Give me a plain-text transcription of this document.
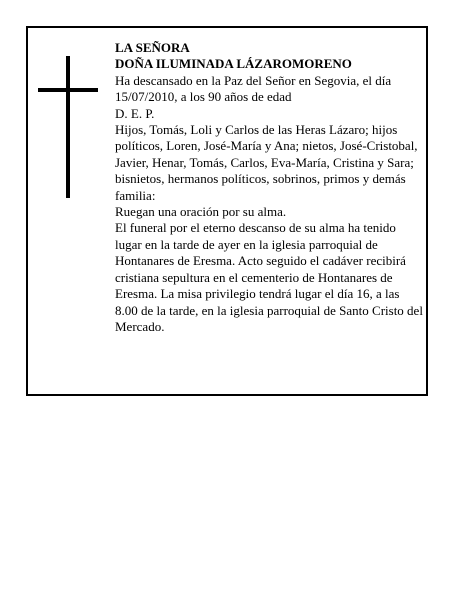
LA SEÑORA

DOÑA ILUMINADA LÁZAROMORENO

Ha descansado en la Paz del Señor en Segovia, el día 15/07/2010, a los 90 años de edad

D. E. P.

Hijos, Tomás, Loli y Carlos de las Heras Lázaro; hijos políticos, Loren, José-María y Ana; nietos, José-Cristobal, Javier, Henar, Tomás, Carlos, Eva-María, Cristina y Sara; bisnietos, hermanos políticos, sobrinos, primos y demás familia:

Ruegan una oración por su alma.

El funeral por el eterno descanso de su alma ha tenido lugar en la tarde de ayer en la iglesia parroquial de Hontanares de Eresma. Acto seguido el cadáver recibirá cristiana sepultura en el cementerio de Hontanares de Eresma. La misa privilegio tendrá lugar el día 16, a las 8.00 de la tarde, en la iglesia parroquial de Santo Cristo del Mercado.
